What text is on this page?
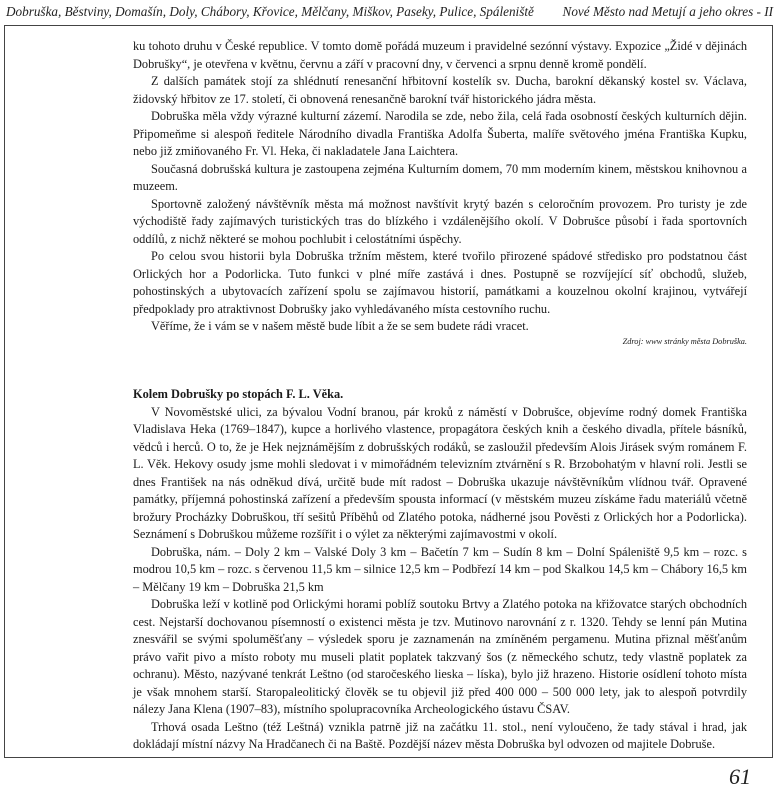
Dobruška, Běstviny, Domašín, Doly, Chábory, Křovice, Mělčany, Miškov, Paseky, Pulice, Spáleniště Nové Město nad Metují a jeho okres - II

ku tohoto druhu v České republice. V tomto domě pořádá muzeum i pravidelné sezónní výstavy. Expozice „Židé v dějinách Dobrušky“, je otevřena v květnu, červnu a září v pracovní dny, v červenci a srpnu denně kromě pondělí.

Z dalších památek stojí za shlédnutí renesanční hřbitovní kostelík sv. Ducha, barokní děkanský kostel sv. Václava, židovský hřbitov ze 17. století, či obnovená renesančně barokní tvář historického jádra města.

Dobruška měla vždy výrazné kulturní zázemí. Narodila se zde, nebo žila, celá řada osobností českých kulturních dějin. Připomeňme si alespoň ředitele Národního divadla Františka Adolfa Šuberta, malíře světového jména Františka Kupku, nebo již zmiňovaného Fr. Vl. Heka, či nakladatele Jana Laichtera.

Současná dobrušská kultura je zastoupena zejména Kulturním domem, 70 mm moderním kinem, městskou knihovnou a muzeem.

Sportovně založený návštěvník města má možnost navštívit krytý bazén s celoročním provozem. Pro turisty je zde východiště řady zajímavých turistických tras do blízkého i vzdálenějšího okolí. V Dobrušce působí i řada sportovních oddílů, z nichž některé se mohou pochlubit i celostátními úspěchy.

Po celou svou historii byla Dobruška tržním městem, které tvořilo přirozené spádové středisko pro podstatnou část Orlických hor a Podorlicka. Tuto funkci v plné míře zastává i dnes. Postupně se rozvíjející síť obchodů, služeb, pohostinských a ubytovacích zařízení spolu se zajímavou historií, památkami a kouzelnou okolní krajinou, vytvářejí předpoklady pro atraktivnost Dobrušky jako vyhledávaného místa cestovního ruchu.

Věříme, že i vám se v našem městě bude líbit a že se sem budete rádi vracet.

Zdroj: www stránky města Dobruška.

Kolem Dobrušky po stopách F. L. Věka.

V Novoměstské ulici, za bývalou Vodní branou, pár kroků z náměstí v Dobrušce, objevíme rodný domek Františka Vladislava Heka (1769–1847), kupce a horlivého vlastence, propagátora českých knih a českého divadla, přítele básníků, vědců i herců. O to, že je Hek nejznámějším z dobrušských rodáků, se zasloužil především Alois Jirásek svým románem F. L. Věk. Hekovy osudy jsme mohli sledovat i v mimořádném televizním ztvárnění s R. Brzobohatým v hlavní roli. Jestli se dnes František na nás odněkud dívá, určitě bude mít radost – Dobruška ukazuje návštěvníkům vlídnou tvář. Opravené památky, příjemná pohostinská zařízení a především spousta informací (v městském muzeu získáme řadu materiálů včetně brožury Procházky Dobruškou, tří sešitů Příběhů od Zlatého potoka, nádherné jsou Pověsti z Orlických hor a Podorlicka). Seznámení s Dobruškou můžeme rozšířit i o výlet za některými zajímavostmi v okolí.

Dobruška, nám. – Doly 2 km – Valské Doly 3 km – Bačetín 7 km – Sudín 8 km – Dolní Spáleniště 9,5 km – rozc. s modrou 10,5 km – rozc. s červenou 11,5 km – silnice 12,5 km – Podbřezí 14 km – pod Skalkou 14,5 km – Chábory 16,5 km – Mělčany 19 km – Dobruška 21,5 km

Dobruška leží v kotlině pod Orlickými horami poblíž soutoku Brtvy a Zlatého potoka na křižovatce starých obchodních cest. Nejstarší dochovanou písemností o existenci města je tzv. Mutinovo narovnání z r. 1320. Tehdy se lenní pán Mutina znesvářil se svými spoluměšťany – výsledek sporu je zaznamenán na zmíněném pergamenu. Mutina přiznal měšťanům právo vařit pivo a místo roboty mu museli platit poplatek takzvaný šos (z německého schutz, tedy vlastně poplatek za ochranu). Město, nazývané tenkrát Leštno (od staročeského lieska – líska), bylo již hrazeno. Historie osídlení tohoto místa je však mnohem starší. Staropaleolitický člověk se tu objevil již před 400 000 – 500 000 lety, jak to alespoň potvrdily nálezy Jana Klena (1907–83), místního spolupracovníka Archeologického ústavu ČSAV.

Trhová osada Leštno (též Leštná) vznikla patrně již na začátku 11. stol., není vyloučeno, že tady stával i hrad, jak dokládají místní názvy Na Hradčanech či na Baště. Pozdější název města Dobruška byl odvozen od majitele Dobruše.

61
